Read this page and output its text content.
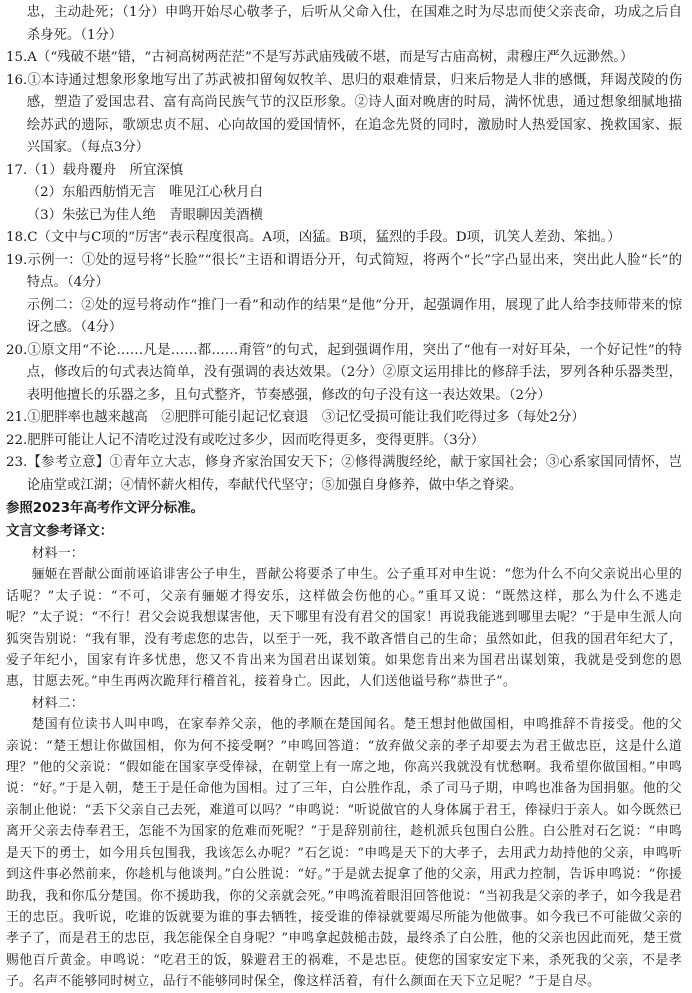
忠，主动赴死；（1分）申鸣开始尽心敬孝子，后听从父命入仕，在国难之时为尽忠而使父亲丧命，功成之后自杀身死。（1分）

15.A（“残破不堪”错，“古祠高树两茫茫”不是写苏武庙残破不堪，而是写古庙高树，肃穆庄严久远渺然。）

16.①本诗通过想象形象地写出了苏武被扣留匈奴牧羊、思归的艰难情景，归来后物是人非的感慨，拜谒茂陵的伤感，塑造了爱国忠君、富有高尚民族气节的汉臣形象。②诗人面对晚唐的时局，满怀忧患，通过想象细腻地描绘苏武的遗际，歌颂忠贞不屈、心向故国的爱国情怀，在追念先贤的同时，激励时人热爱国家、挽救国家、振兴国家。（每点3分）

17.（1）载舟覆舟　所宜深慎

（2）东船西舫悄无言　唯见江心秋月白

（3）朱弦已为佳人绝　青眼聊因美酒横

18.C（文中与C项的“厉害”表示程度很高。A项，凶猛。B项，猛烈的手段。D项，讥笑人差劲、笨拙。）

19.示例一：①处的逗号将“长脸”“很长”主语和谓语分开，句式简短，将两个“长”字凸显出来，突出此人脸“长”的特点。（4分）

示例二：②处的逗号将动作“推门一看”和动作的结果“是他”分开，起强调作用，展现了此人给李技师带来的惊讶之感。（4分）

20.①原文用“不论……凡是……都……甭管”的句式，起到强调作用，突出了“他有一对好耳朵，一个好记性”的特点，修改后的句式表达简单，没有强调的表达效果。（2分）②原文运用排比的修辞手法，罗列各种乐器类型，表明他擅长的乐器之多，且句式整齐，节奏感强，修改的句子没有这一表达效果。（2分）

21.①肥胖率也越来越高　②肥胖可能引起记忆衰退　③记忆受损可能让我们吃得过多（每处2分）

22.肥胖可能让人记不清吃过没有或吃过多少，因而吃得更多，变得更胖。（3分）

23.【参考立意】①青年立大志，修身齐家治国安天下；②修得满腹经纶，献于家国社会；③心系家国同情怀，岂论庙堂或江湖；④情怀薪火相传，奉献代代坚守；⑤加强自身修养，做中华之脊梁。

参照2023年高考作文评分标准。

文言文参考译文：

材料一：

骊姬在晋献公面前诬谄诽害公子申生，晋献公将要杀了申生。公子重耳对申生说：“您为什么不向父亲说出心里的话呢？”太子说：“不可，父亲有骊姬才得安乐，这样做会伤他的心。”重耳又说：“既然这样，那么为什么不逃走呢？”太子说：“不行！君父会说我想谋害他，天下哪里有没有君父的国家！再说我能逃到哪里去呢？”于是申生派人向狐突告别说：“我有罪，没有考虑您的忠告，以至于一死，我不敢吝惜自己的生命；虽然如此，但我的国君年纪大了，爱子年纪小，国家有许多忧患，您又不肯出来为国君出谋划策。如果您肯出来为国君出谋划策，我就是受到您的恩惠，甘愿去死。”申生再两次跪拜行稽首礼，接着身亡。因此，人们送他谥号称“恭世子”。

材料二：

楚国有位读书人叫申鸣，在家奉养父亲，他的孝顺在楚国闻名。楚王想封他做国相，申鸣推辞不肯接受。他的父亲说：“楚王想让你做国相，你为何不接受啊？”申鸣回答道：“放弃做父亲的孝子却要去为君王做忠臣，这是什么道理？”他的父亲说：“假如能在国家享受俸禄，在朝堂上有一席之地，你高兴我就没有忧愁啊。我希望你做国相。”申鸣说：“好。”于是入朝，楚王于是任命他为国相。过了三年，白公胜作乱，杀了司马子期，申鸣也准备为国捐躯。他的父亲制止他说：“丢下父亲自己去死，难道可以吗？”申鸣说：“听说做官的人身体属于君王，俸禄归于亲人。如今既然已离开父亲去侍奉君王，怎能不为国家的危难而死呢？”于是辞别前往，趁机派兵包围白公胜。白公胜对石乞说：“申鸣是天下的勇士，如今用兵包围我，我该怎么办呢？”石乞说：“申鸣是天下的大孝子，去用武力劫持他的父亲，申鸣听到这件事必然前来，你趁机与他谈判。”白公胜说：“好。”于是就去捉拿了他的父亲，用武力控制，告诉申鸣说：“你援助我，我和你瓜分楚国。你不援助我，你的父亲就会死。”申鸣流着眼泪回答他说：“当初我是父亲的孝子，如今我是君王的忠臣。我听说，吃谁的饭就要为谁的事去牺牲，接受谁的俸禄就要竭尽所能为他做事。如今我已不可能做父亲的孝子了，而是君王的忠臣，我怎能保全自身呢？”申鸣拿起鼓槌击鼓，最终杀了白公胜，他的父亲也因此而死，楚王赏赐他百斤黄金。申鸣说：“吃君王的饭，躲避君王的祸难，不是忠臣。使您的国家安定下来，杀死我的父亲，不是孝子。名声不能够同时树立，品行不能够同时保全，像这样活着，有什么颜面在天下立足呢？”于是自尽。
